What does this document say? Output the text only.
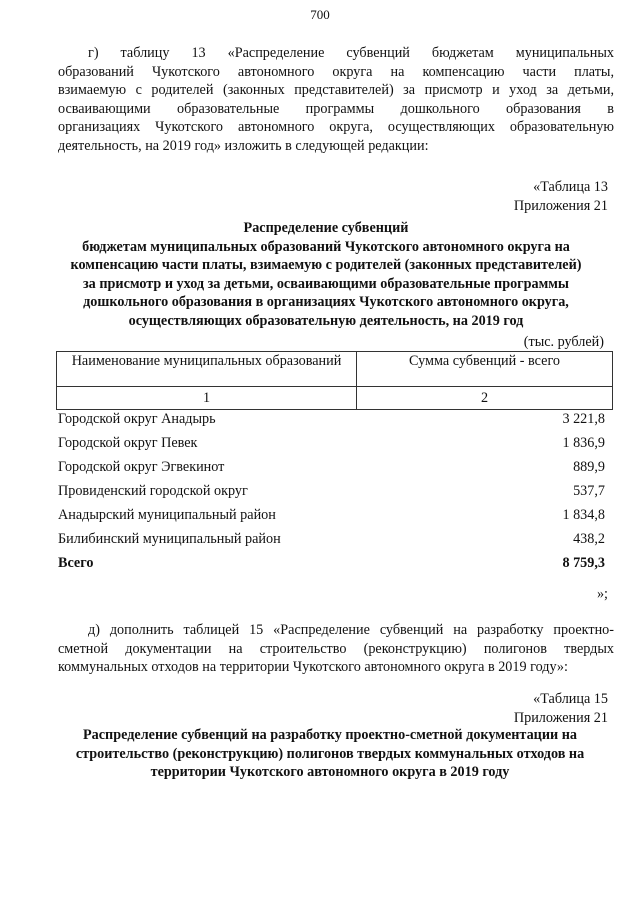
700

г) таблицу 13 «Распределение субвенций бюджетам муниципальных
образований Чукотского автономного округа на компенсацию части платы,
взимаемую с родителей (законных представителей) за присмотр и уход за детьми,
осваивающими образовательные программы дошкольного образования в
организациях Чукотского автономного округа, осуществляющих образовательную
деятельность, на 2019 год» изложить в следующей редакции:

«Таблица 13
Приложения 21

Распределение субвенций
бюджетам муниципальных образований Чукотского автономного округа на
компенсацию части платы, взимаемую с родителей (законных представителей)
за присмотр и уход за детьми, осваивающими образовательные программы
дошкольного образования в организациях Чукотского автономного округа,
осуществляющих образовательную деятельность, на 2019 год

(тыс. рублей)
Наименование муниципальных образований	Сумма субвенций - всего
1	2
Городской округ Анадырь	3 221,8
Городской округ Певек	1 836,9
Городской округ Эгвекинот	889,9
Провиденский городской округ	537,7
Анадырский муниципальный район	1 834,8
Билибинский муниципальный район	438,2
Всего	8 759,3
»;

д) дополнить таблицей 15 «Распределение субвенций на разработку проектно-
сметной документации на строительство (реконструкцию) полигонов твердых
коммунальных отходов на территории Чукотского автономного округа в 2019 году»:

«Таблица 15
Приложения 21

Распределение субвенций на разработку проектно-сметной документации на
строительство (реконструкцию) полигонов твердых коммунальных отходов на
территории Чукотского автономного округа в 2019 году
